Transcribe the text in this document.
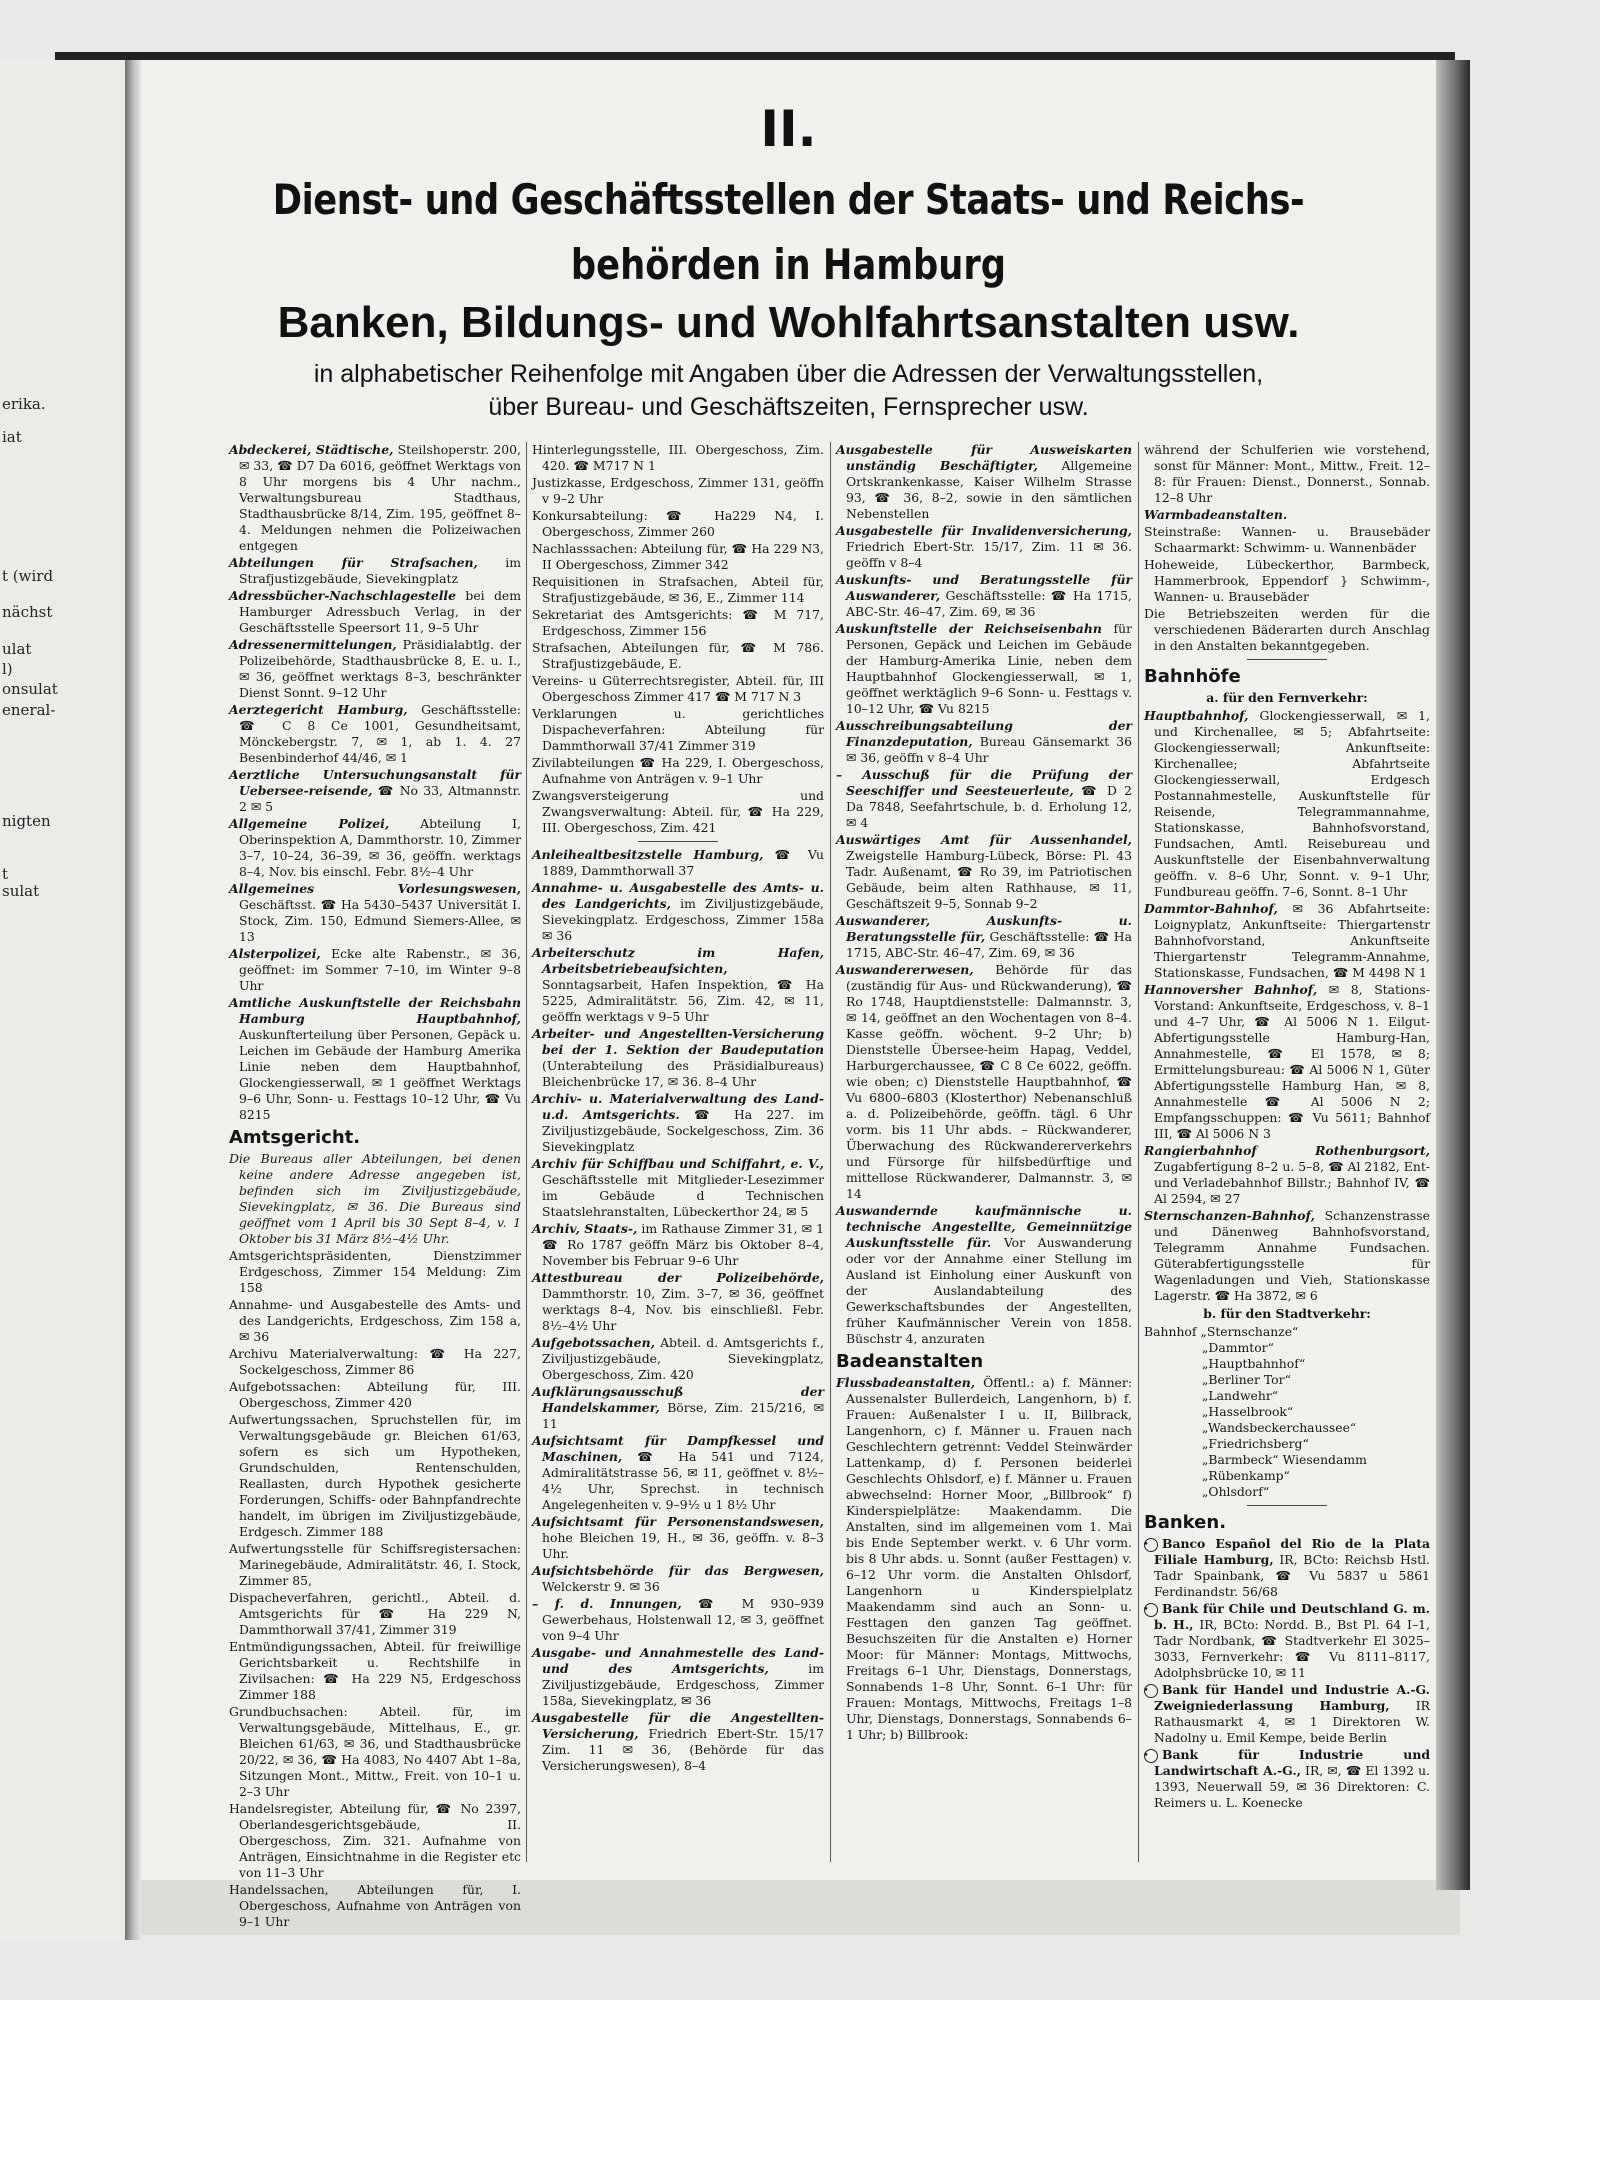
erika.
iat
t (wird
nächst
ulat
l)
onsulat
eneral-
nigten
t
sulat
II.
Dienst- und Geschäftsstellen der Staats- und Reichs-
behörden in Hamburg
Banken, Bildungs- und Wohlfahrtsanstalten usw.
in alphabetischer Reihenfolge mit Angaben über die Adressen der Verwaltungsstellen,
über Bureau- und Geschäftszeiten, Fernsprecher usw.
Abdeckerei, Städtische, Steilshoperstr. 200, ✉ 33, ☎ D7 Da 6016, geöffnet Werktags von 8 Uhr morgens bis 4 Uhr nachm., Verwaltungsbureau Stadthaus, Stadthausbrücke 8/14, Zim. 195, geöffnet 8–4. Meldungen nehmen die Polizeiwachen entgegen
Abteilungen für Strafsachen, im Strafjustizgebäude, Sievekingplatz
Adressbücher-Nachschlagestelle bei dem Hamburger Adressbuch Verlag, in der Geschäftsstelle Speersort 11, 9–5 Uhr
Adressenermittelungen, Präsidialabtlg. der Polizeibehörde, Stadthausbrücke 8, E. u. I., ✉ 36, geöffnet werktags 8–3, beschränkter Dienst Sonnt. 9–12 Uhr
Aerztegericht Hamburg, Geschäftsstelle: ☎ C 8 Ce 1001, Gesundheitsamt, Mönckebergstr. 7, ✉ 1, ab 1. 4. 27 Besenbinderhof 44/46, ✉ 1
Aerztliche Untersuchungsanstalt für Uebersee-reisende, ☎ No 33, Altmannstr. 2 ✉ 5
Allgemeine Polizei,	Abteilung I, Oberinspektion A, Dammthorstr. 10, Zimmer 3–7, 10–24, 36–39, ✉ 36, geöffn. werktags 8–4, Nov. bis einschl. Febr. 8½–4 Uhr
Allgemeines Vorlesungswesen, Geschäftsst. ☎ Ha 5430–5437 Universität I. Stock, Zim. 150, Edmund Siemers-Allee, ✉ 13
Alsterpolizei, Ecke alte Rabenstr., ✉ 36, geöffnet: im Sommer 7–10, im Winter 9–8 Uhr
Amtliche Auskunftstelle der Reichsbahn Hamburg Hauptbahnhof, Auskunfterteilung über Personen, Gepäck u. Leichen im Gebäude der Hamburg Amerika Linie neben dem Hauptbahnhof, Glockengiesserwall, ✉ 1 geöffnet Werktags 9–6 Uhr, Sonn- u. Festtags 10–12 Uhr, ☎ Vu 8215
Amtsgericht.
Die Bureaus aller Abteilungen, bei denen keine andere Adresse angegeben ist, befinden sich im Ziviljustizgebäude, Sievekingplatz, ✉ 36. Die Bureaus sind geöffnet vom 1 April bis 30 Sept 8–4, v. 1 Oktober bis 31 März 8½–4½ Uhr.
Amtsgerichtspräsidenten, Dienstzimmer Erdgeschoss, Zimmer 154 Meldung: Zim 158
Annahme- und Ausgabestelle des Amts- und des Landgerichts, Erdgeschoss, Zim 158 a, ✉ 36
Archivu Materialverwaltung: ☎ Ha 227, Sockelgeschoss, Zimmer 86
Aufgebotssachen: Abteilung für, III. Obergeschoss, Zimmer 420
Aufwertungssachen, Spruchstellen für, im Verwaltungsgebäude gr. Bleichen 61/63, sofern es sich um Hypotheken, Grundschulden, Rentenschulden, Reallasten, durch Hypothek gesicherte Forderungen, Schiffs- oder Bahnpfandrechte handelt, im übrigen im Ziviljustizgebäude, Erdgesch. Zimmer 188
Aufwertungsstelle für Schiffsregistersachen: Marinegebäude, Admiralitätstr. 46, I. Stock, Zimmer 85,
Dispacheverfahren, gerichtl., Abteil. d. Amtsgerichts für ☎ Ha 229 N, Dammthorwall 37/41, Zimmer 319
Entmündigungssachen, Abteil. für freiwillige Gerichtsbarkeit u. Rechtshilfe in Zivilsachen: ☎ Ha 229 N5, Erdgeschoss Zimmer 188
Grundbuchsachen: Abteil. für, im Verwaltungsgebäude, Mittelhaus, E., gr. Bleichen 61/63, ✉ 36, und Stadthausbrücke 20/22, ✉ 36, ☎ Ha 4083, No 4407 Abt 1–8a, Sitzungen Mont., Mittw., Freit. von 10–1 u. 2–3 Uhr
Handelsregister, Abteilung für, ☎ No 2397, Oberlandesgerichtsgebäude, II. Obergeschoss, Zim. 321. Aufnahme von Anträgen, Einsichtnahme in die Register etc von 11–3 Uhr
Handelssachen, Abteilungen für, I. Obergeschoss, Aufnahme von Anträgen von 9–1 Uhr
Hinterlegungsstelle, III. Obergeschoss, Zim. 420. ☎ M717 N 1
Justizkasse, Erdgeschoss, Zimmer 131, geöffn v 9–2 Uhr
Konkursabteilung: ☎ Ha229 N4, I. Obergeschoss, Zimmer 260
Nachlasssachen: Abteilung für, ☎ Ha 229 N3, II Obergeschoss, Zimmer 342
Requisitionen in Strafsachen, Abteil für, Strafjustizgebäude, ✉ 36, E., Zimmer 114
Sekretariat des Amtsgerichts: ☎ M 717, Erdgeschoss, Zimmer 156
Strafsachen, Abteilungen für, ☎ M 786. Strafjustizgebäude, E.
Vereins- u Güterrechtsregister, Abteil. für, III Obergeschoss Zimmer 417 ☎ M 717 N 3
Verklarungen u. gerichtliches Dispacheverfahren: Abteilung für Dammthorwall 37/41 Zimmer 319
Zivilabteilungen ☎ Ha 229, I. Obergeschoss, Aufnahme von Anträgen v. 9–1 Uhr
Zwangsversteigerung und Zwangsverwaltung: Abteil. für, ☎ Ha 229, III. Obergeschoss, Zim. 421
Anleihealtbesitzstelle Hamburg, ☎ Vu 1889, Dammthorwall 37
Annahme- u. Ausgabestelle des Amts- u. des Landgerichts, im Ziviljustizgebäude, Sievekingplatz. Erdgeschoss, Zimmer 158a ✉ 36
Arbeiterschutz im Hafen, Arbeitsbetriebeaufsichten, Sonntagsarbeit, Hafen Inspektion, ☎ Ha 5225, Admiralitätstr. 56, Zim. 42, ✉ 11, geöffn werktags v 9–5 Uhr
Arbeiter- und Angestellten-Versicherung bei der 1. Sektion der Baudeputation (Unterabteilung des Präsidialbureaus) Bleichenbrücke 17, ✉ 36. 8–4 Uhr
Archiv- u. Materialverwaltung des Land- u.d. Amtsgerichts. ☎ Ha 227. im Ziviljustizgebäude, Sockelgeschoss, Zim. 36 Sievekingplatz
Archiv für Schiffbau und Schiffahrt, e. V., Geschäftsstelle mit Mitglieder-Lesezimmer im Gebäude d Technischen Staatslehranstalten, Lübeckerthor 24, ✉ 5
Archiv, Staats-, im Rathause Zimmer 31, ✉ 1 ☎ Ro 1787 geöffn März bis Oktober 8–4, November bis Februar 9–6 Uhr
Attestbureau der Polizeibehörde, Dammthorstr. 10, Zim. 3–7, ✉ 36, geöffnet werktags 8–4, Nov. bis einschließl. Febr. 8½–4½ Uhr
Aufgebotssachen, Abteil. d. Amtsgerichts f., Ziviljustizgebäude, Sievekingplatz, Obergeschoss, Zim. 420
Aufklärungsausschuß der Handelskammer, Börse, Zim. 215/216, ✉ 11
Aufsichtsamt für Dampfkessel und Maschinen, ☎ Ha 541 und 7124, Admiralitätstrasse 56, ✉ 11, geöffnet v. 8½–4½ Uhr, Sprechst. in technisch Angelegenheiten v. 9–9½ u 1 8½ Uhr
Aufsichtsamt für Personenstandswesen, hohe Bleichen 19, H., ✉ 36, geöffn. v. 8–3 Uhr.
Aufsichtsbehörde für das Bergwesen, Welckerstr 9. ✉ 36
– f. d. Innungen, ☎ M 930–939 Gewerbehaus, Holstenwall 12, ✉ 3, geöffnet von 9–4 Uhr
Ausgabe- und Annahmestelle des Land- und des Amtsgerichts,	im Ziviljustizgebäude, Erdgeschoss, Zimmer 158a, Sievekingplatz, ✉ 36
Ausgabestelle für die Angestellten-Versicherung, Friedrich Ebert-Str. 15/17 Zim. 11 ✉ 36, (Behörde für das Versicherungswesen), 8–4
Ausgabestelle für Ausweiskarten unständig Beschäftigter, Allgemeine Ortskrankenkasse, Kaiser Wilhelm Strasse 93, ☎ 36, 8–2, sowie in den sämtlichen Nebenstellen
Ausgabestelle für Invalidenversicherung, Friedrich Ebert-Str. 15/17, Zim. 11 ✉ 36. geöffn v 8–4
Auskunfts- und Beratungsstelle für Auswanderer, Geschäftsstelle: ☎ Ha 1715, ABC-Str. 46–47, Zim. 69, ✉ 36
Auskunftstelle der Reichseisenbahn für Personen, Gepäck und Leichen im Gebäude der Hamburg-Amerika Linie, neben dem Hauptbahnhof Glockengiesserwall, ✉ 1, geöffnet werktäglich 9–6 Sonn- u. Festtags v. 10–12 Uhr, ☎ Vu 8215
Ausschreibungsabteilung der Finanzdeputation, Bureau Gänsemarkt 36 ✉ 36, geöffn v 8–4 Uhr
– Ausschuß für die Prüfung der Seeschiffer und Seesteuerleute, ☎ D 2 Da 7848, Seefahrtschule, b. d. Erholung 12, ✉ 4
Auswärtiges Amt für Aussenhandel, Zweigstelle Hamburg-Lübeck, Börse: Pl. 43 Tadr. Außenamt, ☎ Ro 39, im Patriotischen Gebäude, beim alten Rathhause, ✉ 11, Geschäftszeit 9–5, Sonnab 9–2
Auswanderer, Auskunfts- u. Beratungsstelle für, Geschäftsstelle: ☎ Ha 1715, ABC-Str. 46–47, Zim. 69, ✉ 36
Auswandererwesen, Behörde für das (zuständig für Aus- und Rückwanderung), ☎ Ro 1748, Hauptdienststelle: Dalmannstr. 3, ✉ 14, geöffnet an den Wochentagen von 8–4. Kasse geöffn. wöchent. 9–2 Uhr; b) Dienststelle Übersee-heim Hapag, Veddel, Harburgerchaussee, ☎ C 8 Ce 6022, geöffn. wie oben; c) Dienststelle Hauptbahnhof, ☎ Vu 6800–6803 (Klosterthor) Nebenanschluß a. d. Polizeibehörde, geöffn. tägl. 6 Uhr vorm. bis 11 Uhr abds. – Rückwanderer, Überwachung des Rückwandererverkehrs und Fürsorge für hilfsbedürftige und mittellose Rückwanderer, Dalmannstr. 3, ✉ 14
Auswandernde kaufmännische u. technische Angestellte, Gemeinnützige Auskunftsstelle für. Vor Auswanderung oder vor der Annahme einer Stellung im Ausland ist Einholung einer Auskunft von der Auslandabteilung des Gewerkschaftsbundes der Angestellten, früher Kaufmännischer Verein von 1858. Büschstr 4, anzuraten
Badeanstalten
Flussbadeanstalten, Öffentl.: a) f. Männer: Aussenalster Bullerdeich, Langenhorn, b) f. Frauen: Außenalster I u. II, Billbrack, Langenhorn, c) f. Männer u. Frauen nach Geschlechtern getrennt: Veddel Steinwärder Lattenkamp, d) f. Personen beiderlei Geschlechts Ohlsdorf, e) f. Männer u. Frauen abwechselnd: Horner Moor, „Billbrook“ f) Kinderspielplätze: Maakendamm. Die Anstalten, sind im allgemeinen vom 1. Mai bis Ende September werkt. v. 6 Uhr vorm. bis 8 Uhr abds. u. Sonnt (außer Festtagen) v. 6–12 Uhr vorm. die Anstalten Ohlsdorf, Langenhorn u Kinderspielplatz Maakendamm sind auch an Sonn- u. Festtagen den ganzen Tag geöffnet. Besuchszeiten für die Anstalten e) Horner Moor: für Männer: Montags, Mittwochs, Freitags 6–1 Uhr, Dienstags, Donnerstags, Sonnabends 1–8 Uhr, Sonnt. 6–1 Uhr: für Frauen: Montags, Mittwochs, Freitags 1–8 Uhr, Dienstags, Donnerstags, Sonnabends 6–1 Uhr; b) Billbrook:
während der Schulferien wie vorstehend, sonst für Männer: Mont., Mittw., Freit. 12–8: für Frauen: Dienst., Donnerst., Sonnab. 12–8 Uhr
Warmbadeanstalten.
Steinstraße: Wannen- u. Brausebäder Schaarmarkt: Schwimm- u. Wannenbäder
Hoheweide, Lübeckerthor, Barmbeck, Hammerbrook, Eppendorf } Schwimm-, Wannen- u. Brausebäder
Die Betriebszeiten werden für die verschiedenen Bäderarten durch Anschlag in den Anstalten bekanntgegeben.
Bahnhöfe
a. für den Fernverkehr:
Hauptbahnhof, Glockengiesserwall, ✉ 1, und Kirchenallee, ✉ 5; Abfahrtseite: Glockengiesserwall; Ankunftseite: Kirchenallee; Abfahrtseite Glockengiesserwall, Erdgesch Postannahmestelle, Auskunftstelle für Reisende, Telegrammannahme, Stationskasse, Bahnhofsvorstand, Fundsachen, Amtl. Reisebureau und Auskunftstelle der Eisenbahnverwaltung geöffn. v. 8–6 Uhr, Sonnt. v. 9–1 Uhr, Fundbureau geöffn. 7–6, Sonnt. 8–1 Uhr
Dammtor-Bahnhof, ✉ 36 Abfahrtseite: Loignyplatz, Ankunftseite: Thiergartenstr Bahnhofvorstand, Ankunftseite Thiergartenstr Telegramm-Annahme, Stationskasse, Fundsachen, ☎ M 4498 N 1
Hannoversher Bahnhof, ✉ 8, Stations-Vorstand: Ankunftseite, Erdgeschoss, v. 8–1 und 4–7 Uhr, ☎ Al 5006 N 1. Eilgut-Abfertigungsstelle Hamburg-Han, Annahmestelle, ☎ El 1578, ✉ 8; Ermittelungsbureau: ☎ Al 5006 N 1, Güter Abfertigungsstelle Hamburg Han, ✉ 8, Annahmestelle ☎ Al 5006 N 2; Empfangsschuppen: ☎ Vu 5611; Bahnhof III, ☎ Al 5006 N 3
Rangierbahnhof Rothenburgsort, Zugabfertigung 8–2 u. 5–8, ☎ Al 2182, Ent- und Verladebahnhof Billstr.; Bahnhof IV, ☎ Al 2594, ✉ 27
Sternschanzen-Bahnhof, Schanzenstrasse und Dänenweg Bahnhofsvorstand, Telegramm Annahme Fundsachen. Güterabfertigungsstelle für Wagenladungen und Vieh, Stationskasse Lagerstr. ☎ Ha 3872, ✉ 6
b. für den Stadtverkehr:
Bahnhof „Sternschanze“
„Dammtor“
„Hauptbahnhof“
„Berliner Tor“
„Landwehr“
„Hasselbrook“
„Wandsbeckerchaussee“
„Friedrichsberg“
„Barmbeck“ Wiesendamm
„Rübenkamp“
„Ohlsdorf“
Banken.
• Banco Español del Rio de la Plata Filiale Hamburg, IR, BCto: Reichsb Hstl. Tadr Spainbank, ☎ Vu 5837 u 5861 Ferdinandstr. 56/68
• Bank für Chile und Deutschland G. m. b. H., IR, BCto: Nordd. B., Bst Pl. 64 I–1, Tadr Nordbank, ☎ Stadtverkehr El 3025–3033, Fernverkehr: ☎ Vu 8111–8117, Adolphsbrücke 10, ✉ 11
• Bank für Handel und Industrie A.-G. Zweigniederlassung Hamburg, IR Rathausmarkt 4, ✉ 1 Direktoren W. Nadolny u. Emil Kempe, beide Berlin
• Bank für Industrie und Landwirtschaft A.-G., IR, ✉, ☎ El 1392 u. 1393, Neuerwall 59, ✉ 36 Direktoren: C. Reimers u. L. Koenecke
